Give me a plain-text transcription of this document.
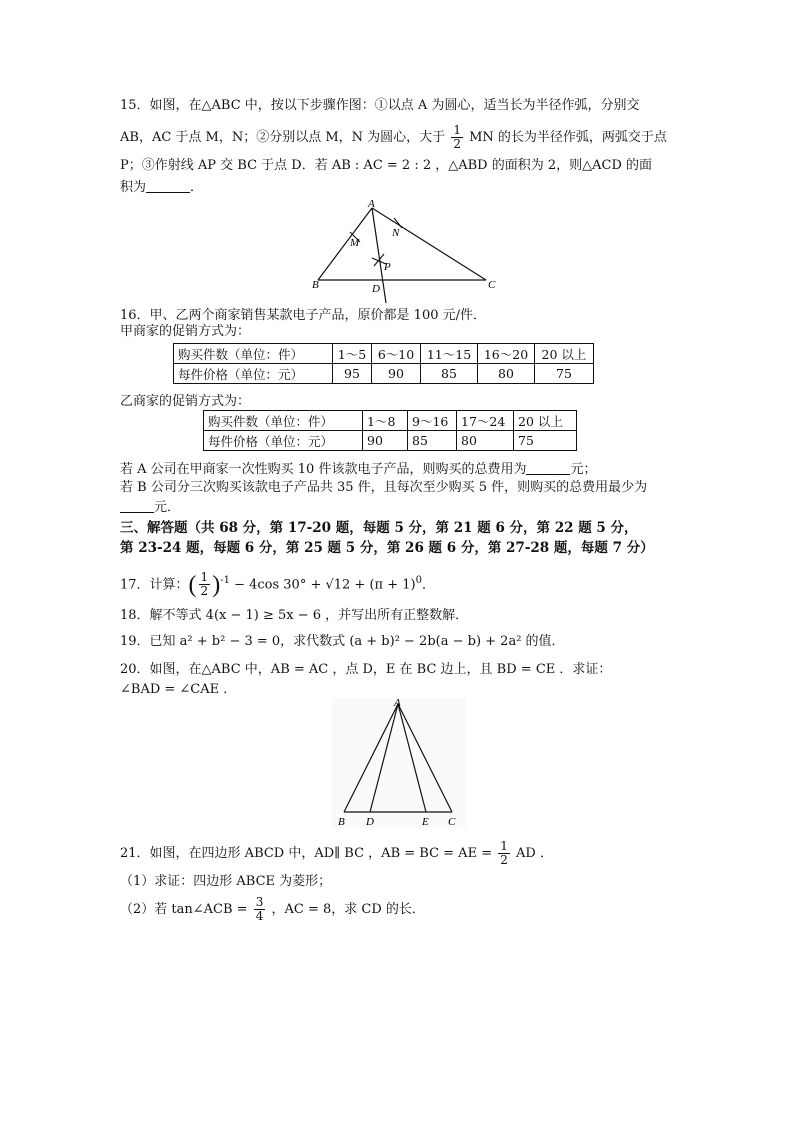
15．如图，在△ABC 中，按以下步骤作图：①以点 A 为圆心，适当长为半径作弧，分别交
AB，AC 于点 M，N；②分别以点 M，N 为圆心，大于 $\frac{1}{2}$ MN 的长为半径作弧，两弧交于点
P；③作射线 AP 交 BC 于点 D．若 AB : AC = 2 : 2 ，△ABD 的面积为 2，则△ACD 的面
积为	．
A
M
N
P
B	D	C
16．甲、乙两个商家销售某款电子产品，原价都是 100 元/件．
甲商家的促销方式为：
购买件数（单位：件）	1～5	6～10	11～15	16～20	20 以上
每件价格（单位：元）	95	90	85	80	75
乙商家的促销方式为：
购买件数（单位：件）	1～8	9～16	17～24	20 以上
每件价格（单位：元）	90	85	80	75
若 A 公司在甲商家一次性购买 10 件该款电子产品，则购买的总费用为	元；
若 B 公司分三次购买该款电子产品共 35 件，且每次至少购买 5 件，则购买的总费用最少为
元．
三、解答题（共 68 分，第 17-20 题，每题 5 分，第 21 题 6 分，第 22 题 5 分，
第 23-24 题，每题 6 分，第 25 题 5 分，第 26 题 6 分，第 27-28 题，每题 7 分）
17．计算：( $\frac{1}{2} )^{-1} - 4\cos$ $30^\circ + √12 + (\pi + 1)^0$．
18．解不等式 4(x − 1) ≥ 5x − 6 ，并写出所有正整数解．
19．已知 a² + b² − 3 = 0，求代数式 (a + b)² − 2b(a − b) + 2a² 的值．
20．如图，在△ABC 中，AB = AC ，点 D，E 在 BC 边上，且 BD = CE ．求证：
∠BAD = ∠CAE ．
A
B D	E C
21．如图，在四边形 ABCD 中，AD∥ BC ，AB = BC = AE = $\frac{1}{2}$ AD ．
（1）求证：四边形 ABCE 为菱形；
（2）若 tan∠ACB = $\frac{3}{4}$ ，AC = 8，求 CD 的长．
